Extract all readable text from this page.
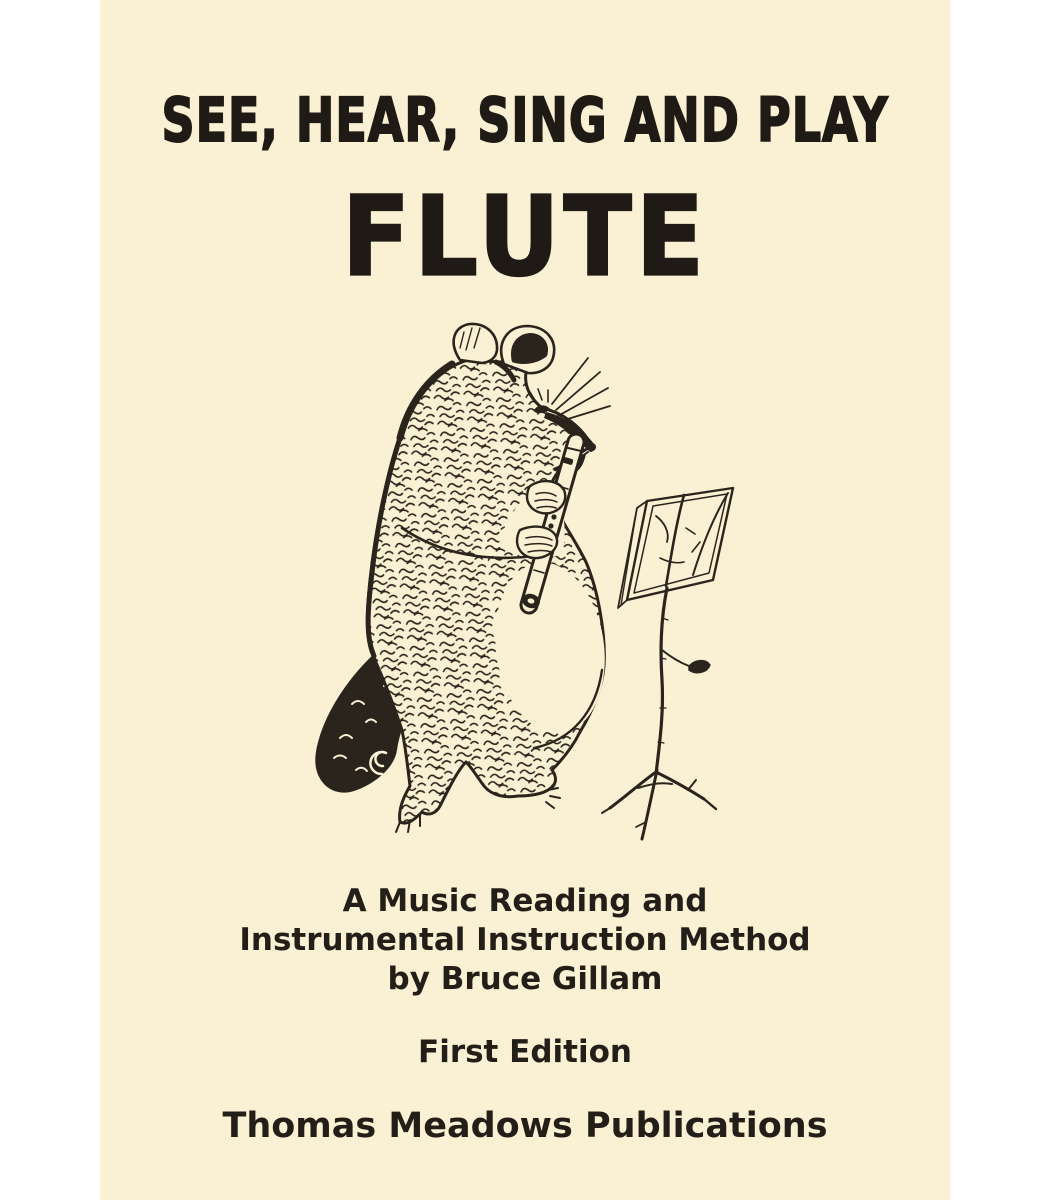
SEE, HEAR, SING AND PLAY
FLUTE
A Music Reading and
Instrumental Instruction Method
by Bruce Gillam
First Edition
Thomas Meadows Publications
